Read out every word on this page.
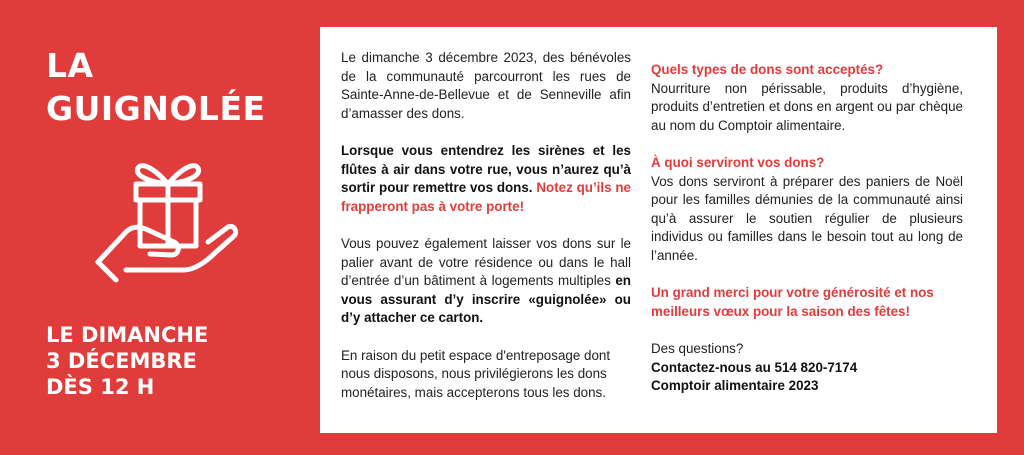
LA
GUIGNOLÉE
LE DIMANCHE
3 DÉCEMBRE
DÈS 12 H

Le dimanche 3 décembre 2023, des bénévoles de la communauté parcourront les rues de Sainte-Anne-de-Bellevue et de Senneville afin d’amasser des dons.

Lorsque vous entendrez les sirènes et les flûtes à air dans votre rue, vous n’aurez qu’à sortir pour remettre vos dons. Notez qu’ils ne frapperont pas à votre porte!

Vous pouvez également laisser vos dons sur le palier avant de votre résidence ou dans le hall d’entrée d’un bâtiment à logements multiples en vous assurant d’y inscrire «guignolée» ou d’y attacher ce carton.

En raison du petit espace d'entreposage dont nous disposons, nous privilégierons les dons monétaires, mais accepterons tous les dons.

Quels types de dons sont acceptés?
Nourriture non périssable, produits d’hygiène, produits d’entretien et dons en argent ou par chèque au nom du Comptoir alimentaire.

À quoi serviront vos dons?
Vos dons serviront à préparer des paniers de Noël pour les familles démunies de la communauté ainsi qu’à assurer le soutien régulier de plusieurs individus ou familles dans le besoin tout au long de l’année.

Un grand merci pour votre générosité et nos meilleurs vœux pour la saison des fêtes!

Des questions?
Contactez-nous au 514 820-7174
Comptoir alimentaire 2023
